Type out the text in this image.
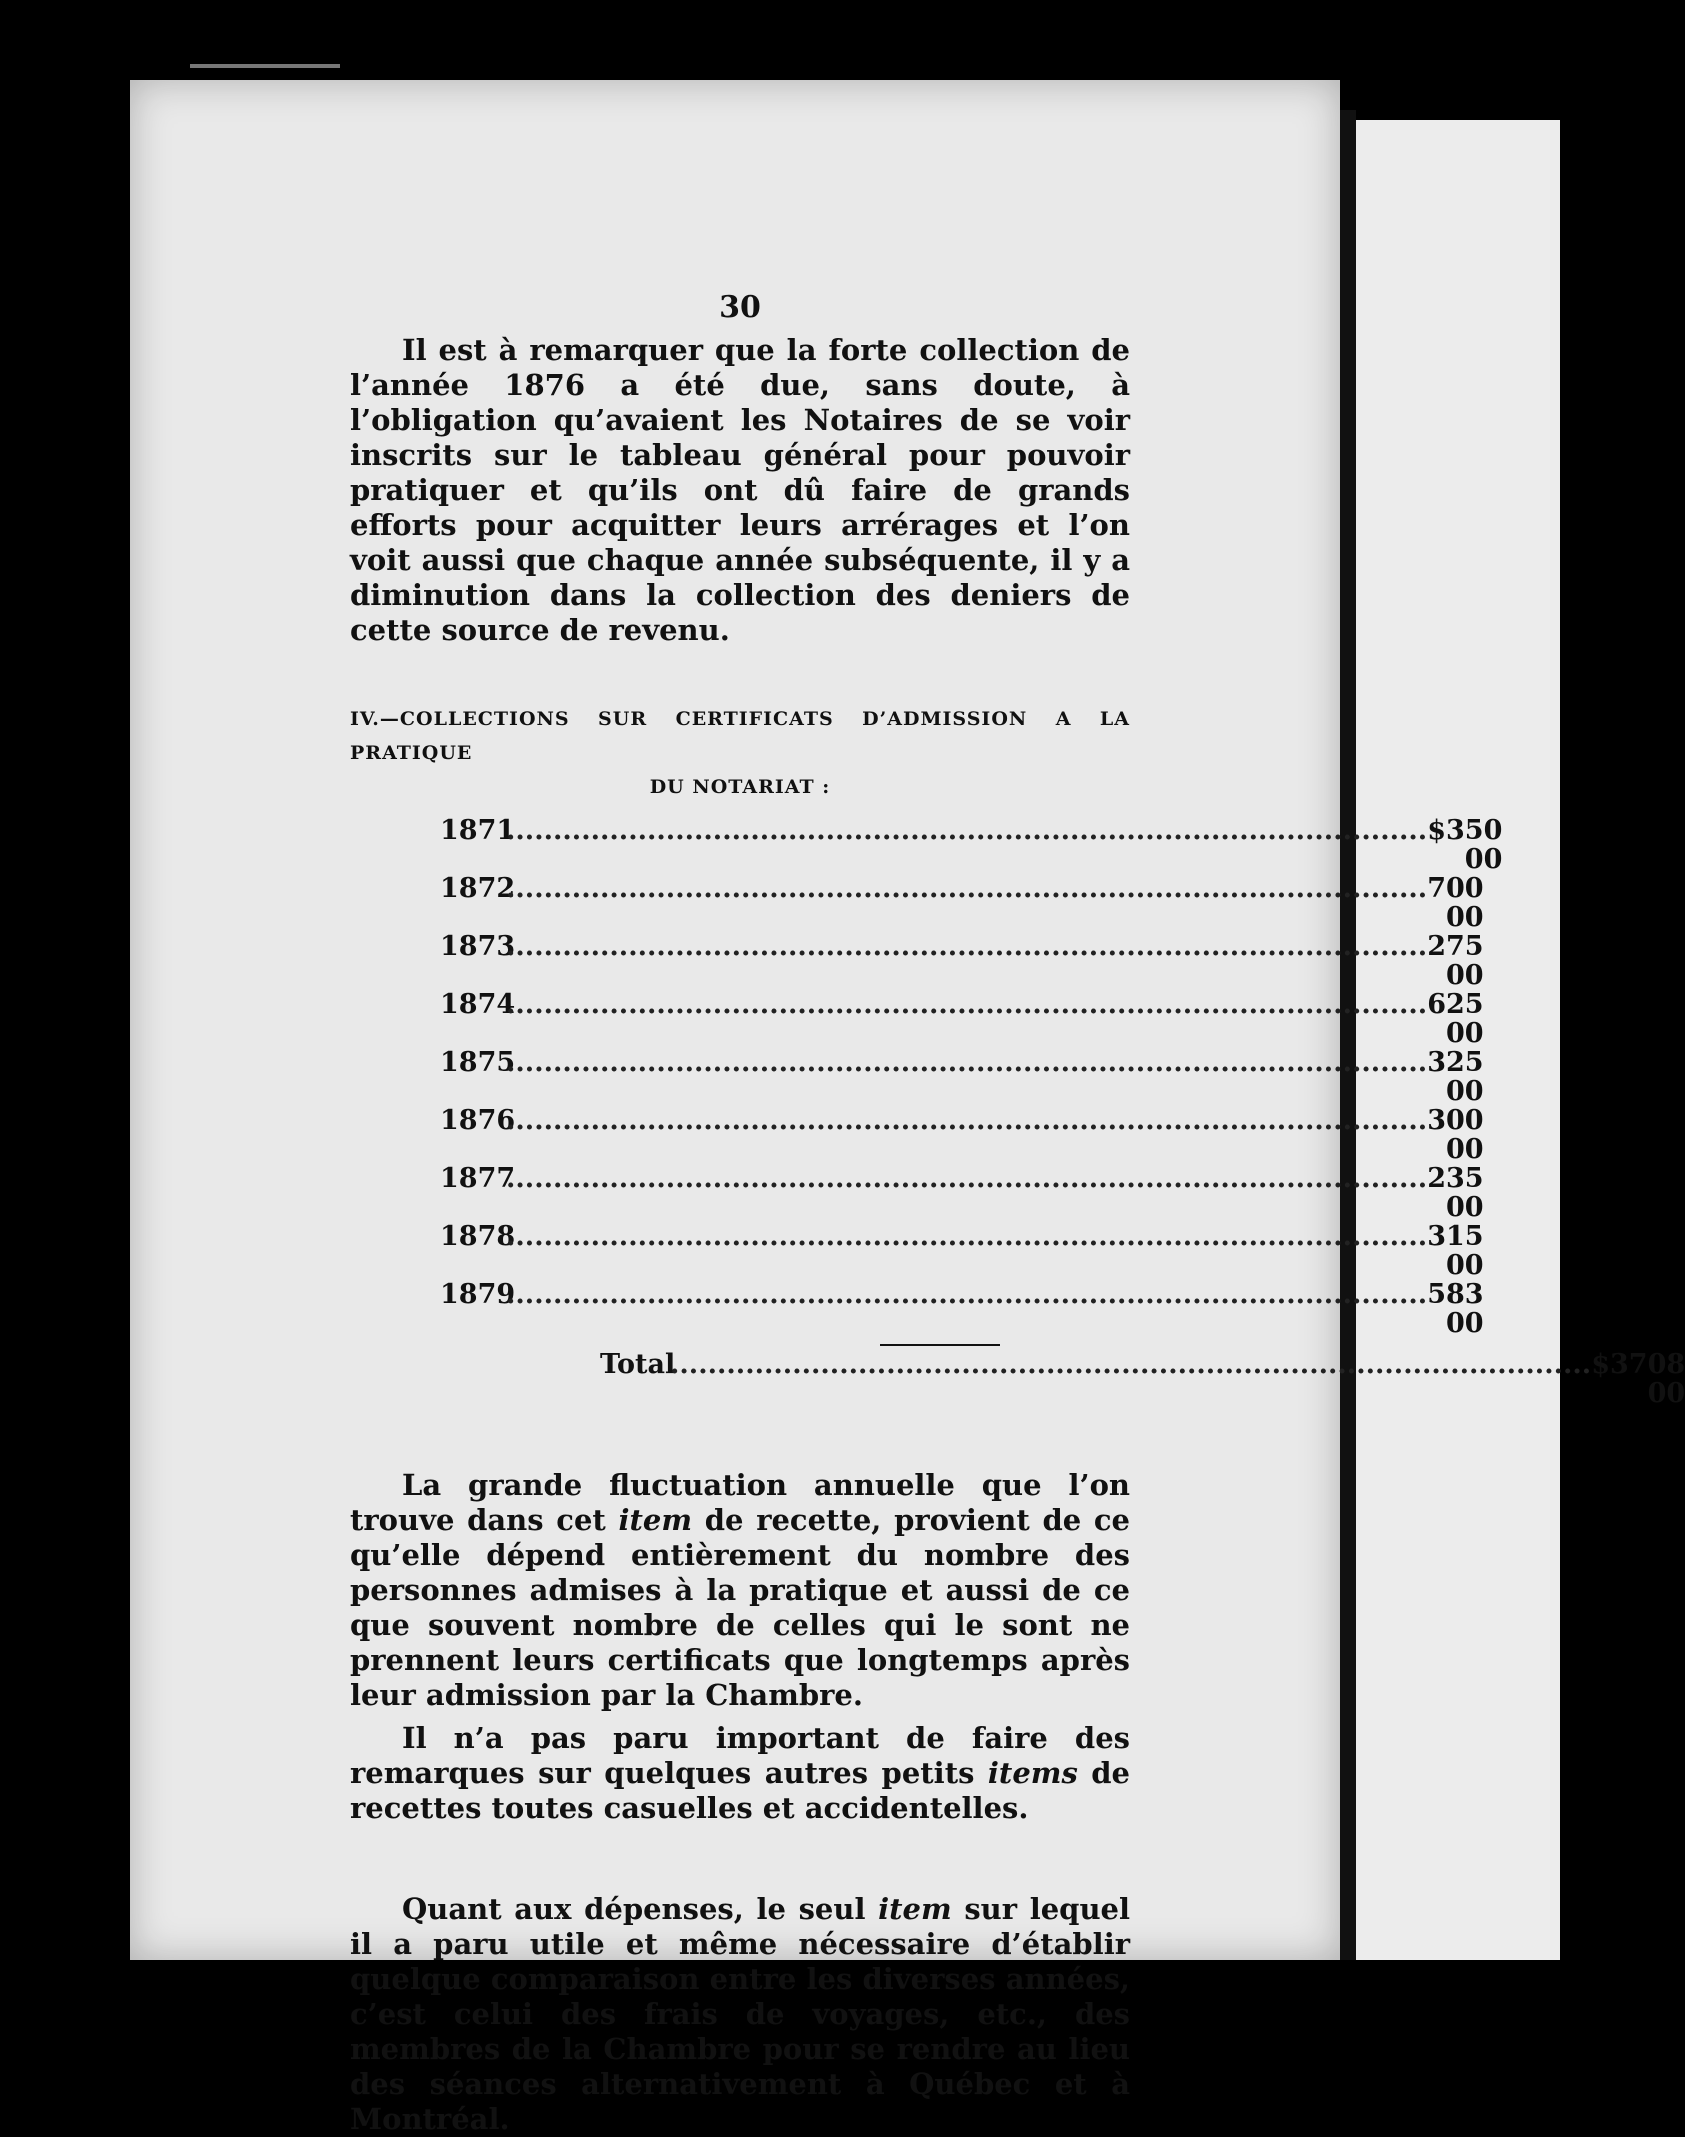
30

Il est à remarquer que la forte collection de l’année 1876 a été due, sans doute, à l’obligation qu’avaient les Notaires de se voir inscrits sur le tableau général pour pouvoir pratiquer et qu’ils ont dû faire de grands efforts pour acquitter leurs arrérages et l’on voit aussi que chaque année subséquente, il y a diminution dans la collection des deniers de cette source de revenu.

IV.—COLLECTIONS SUR CERTIFICATS D’ADMISSION A LA PRATIQUE
DU NOTARIAT :
1871
.................................................................................................. $ 350 00
1872
.................................................................................................. 700 00
1873
.................................................................................................. 275 00
1874
.................................................................................................. 625 00
1875
.................................................................................................. 325 00
1876
.................................................................................................. 300 00
1877
.................................................................................................. 235 00
1878
.................................................................................................. 315 00
1879
.................................................................................................. 583 00
Total
.................................................................................................. $3708 00

La grande fluctuation annuelle que l’on trouve dans cet item de recette, provient de ce qu’elle dépend entièrement du nombre des personnes admises à la pratique et aussi de ce que souvent nombre de celles qui le sont ne prennent leurs certificats que longtemps après leur admission par la Chambre.

Il n’a pas paru important de faire des remarques sur quelques autres petits items de recettes toutes casuelles et accidentelles.

Quant aux dépenses, le seul item sur lequel il a paru utile et même nécessaire d’établir quelque comparaison entre les diverses années, c’est celui des frais de voyages, etc., des membres de la Chambre pour se rendre au lieu des séances alternativement à Québec et à Montréal.
